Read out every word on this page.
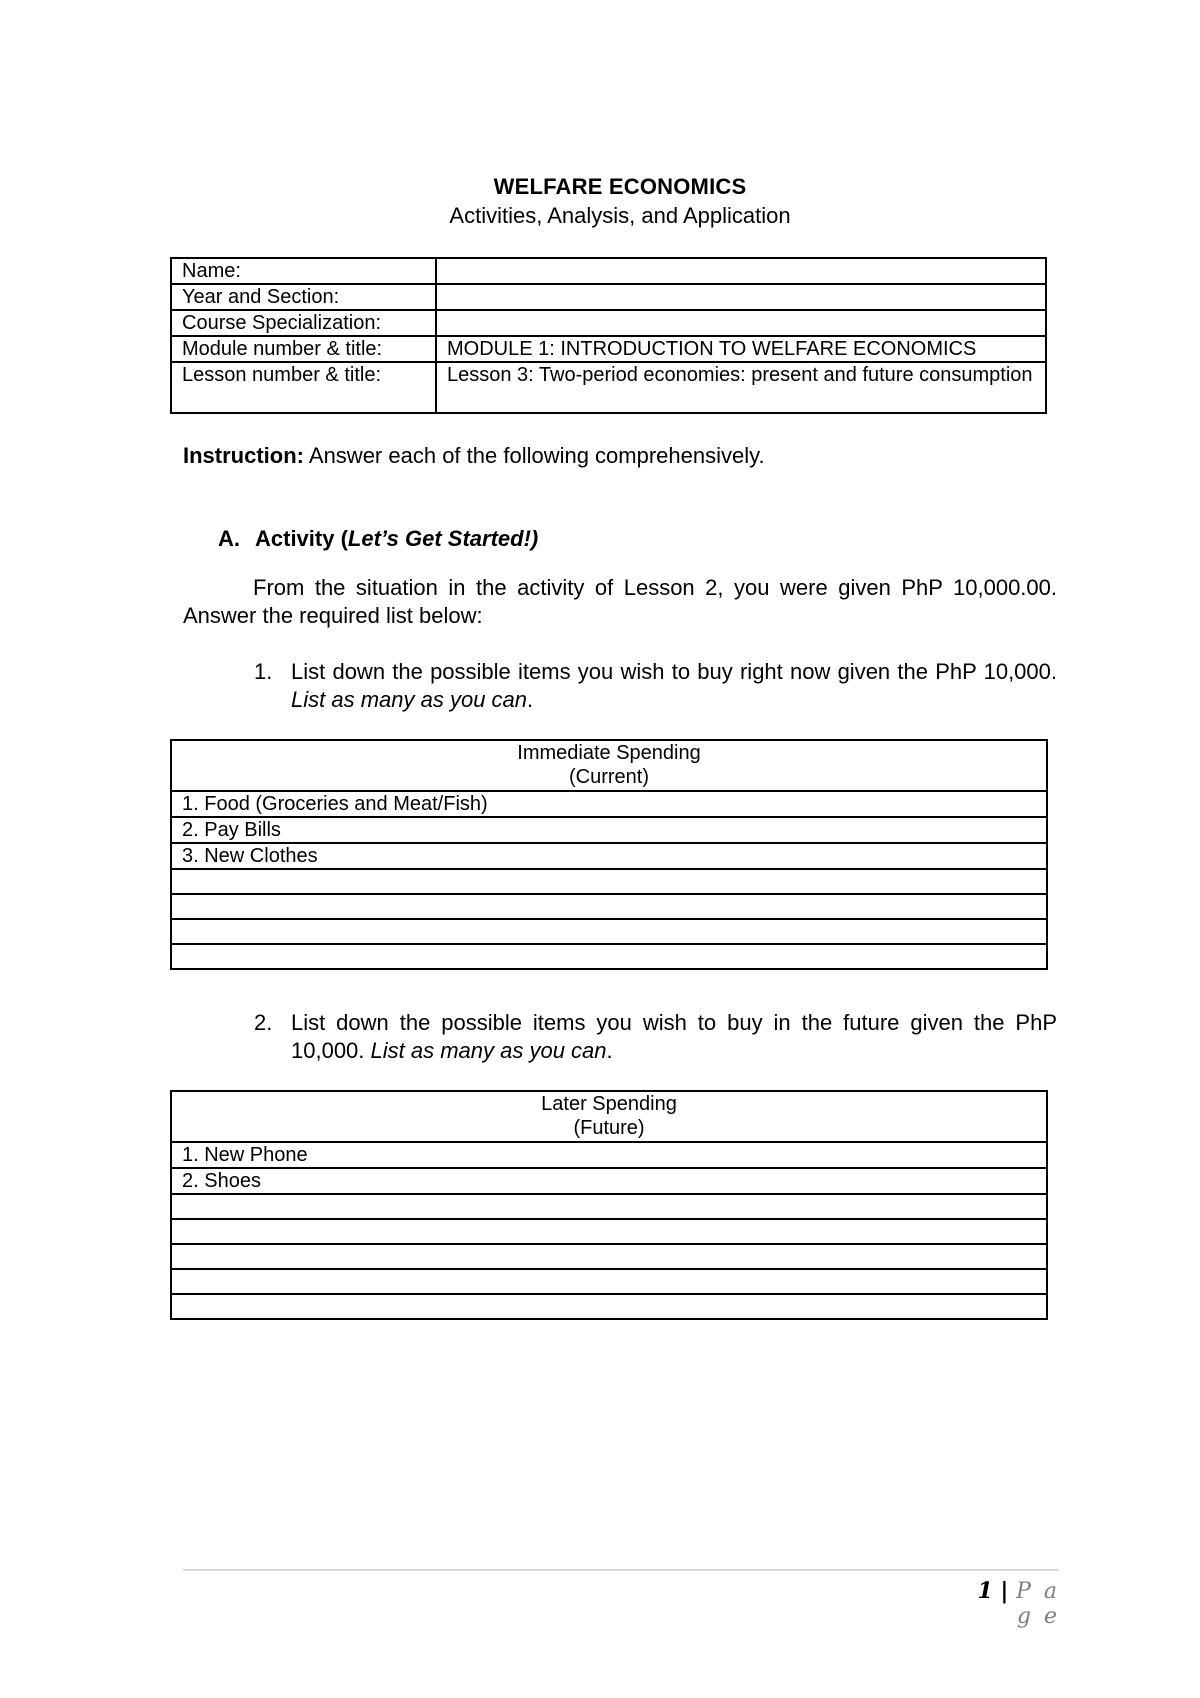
WELFARE ECONOMICS
Activities, Analysis, and Application
Name:	
Year and Section:	
Course Specialization:	
Module number & title:	MODULE 1: INTRODUCTION TO WELFARE ECONOMICS
Lesson number & title:	Lesson 3: Two-period economies: present and future consumption
Instruction: Answer each of the following comprehensively.
A. Activity (Let’s Get Started!)
From the situation in the activity of Lesson 2, you were given PhP 10,000.00. Answer the required list below:
1. List down the possible items you wish to buy right now given the PhP 10,000. List as many as you can.
Immediate Spending
(Current)
1. Food (Groceries and Meat/Fish)
2. Pay Bills
3. New Clothes

2. List down the possible items you wish to buy in the future given the PhP 10,000. List as many as you can.
Later Spending
(Future)
1. New Phone
2. Shoes

1 | P a g e
